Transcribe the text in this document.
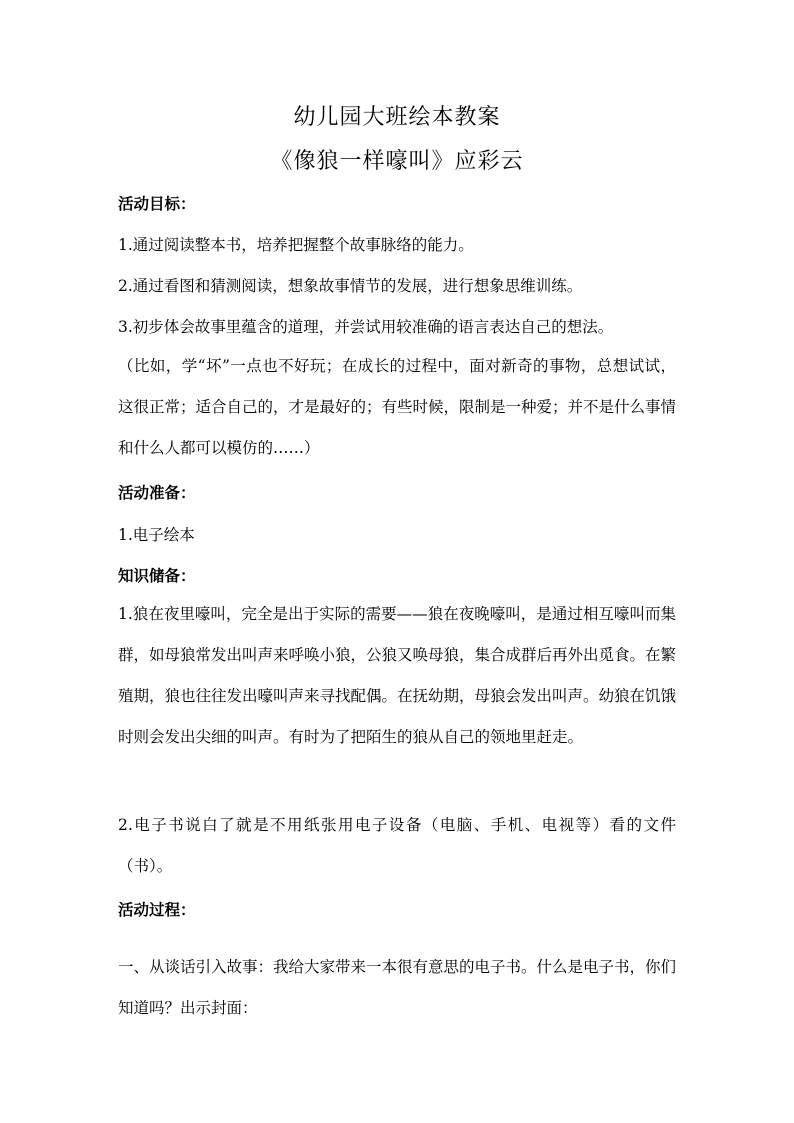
幼儿园大班绘本教案
《像狼一样嚎叫》应彩云
活动目标：
1.通过阅读整本书，培养把握整个故事脉络的能力。
2.通过看图和猜测阅读，想象故事情节的发展，进行想象思维训练。
3.初步体会故事里蕴含的道理，并尝试用较准确的语言表达自己的想法。
（比如，学“坏”一点也不好玩；在成长的过程中，面对新奇的事物，总想试试，这很正常；适合自己的，才是最好的；有些时候，限制是一种爱；并不是什么事情和什么人都可以模仿的……）
活动准备：
1.电子绘本
知识储备：
1.狼在夜里嚎叫，完全是出于实际的需要——狼在夜晚嚎叫，是通过相互嚎叫而集群，如母狼常发出叫声来呼唤小狼，公狼又唤母狼，集合成群后再外出觅食。在繁殖期，狼也往往发出嚎叫声来寻找配偶。在抚幼期，母狼会发出叫声。幼狼在饥饿时则会发出尖细的叫声。有时为了把陌生的狼从自己的领地里赶走。
2.电子书说白了就是不用纸张用电子设备（电脑、手机、电视等）看的文件（书）。
活动过程：
一、从谈话引入故事：我给大家带来一本很有意思的电子书。什么是电子书，你们知道吗？出示封面：
